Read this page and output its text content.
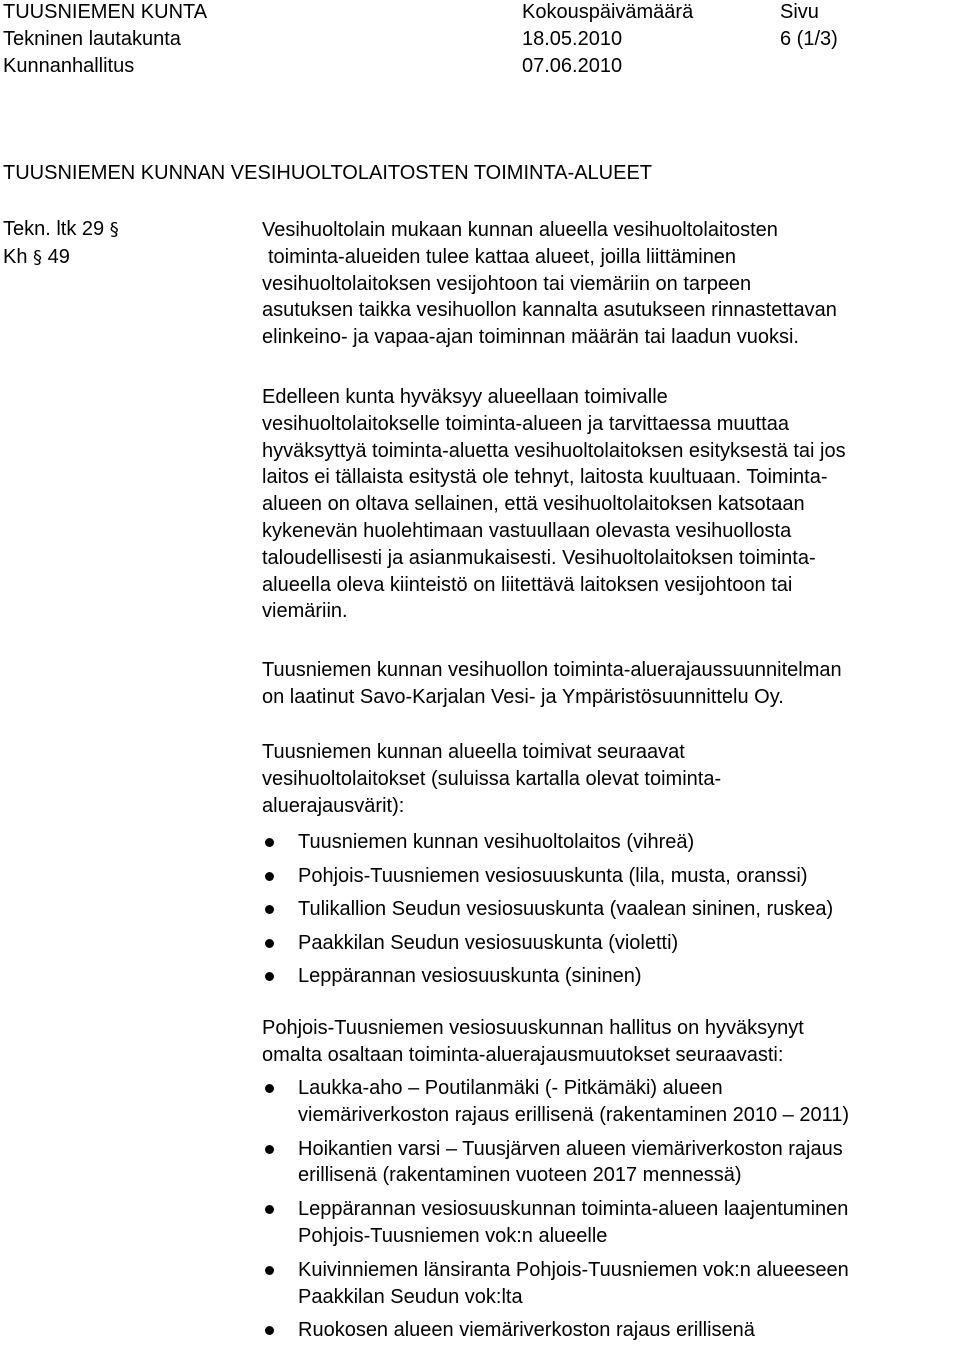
TUUSNIEMEN KUNTA	Kokouspäivämäärä	Sivu
Tekninen lautakunta	18.05.2010	6 (1/3)
Kunnanhallitus	07.06.2010
TUUSNIEMEN KUNNAN VESIHUOLTOLAITOSTEN TOIMINTA-ALUEET
Tekn. ltk 29 §
Kh § 49
Vesihuoltolain mukaan kunnan alueella vesihuoltolaitosten
toiminta-alueiden tulee kattaa alueet, joilla liittäminen
vesihuoltolaitoksen vesijohtoon tai viemäriin on tarpeen
asutuksen taikka vesihuollon kannalta asutukseen rinnastettavan
elinkeino- ja vapaa-ajan toiminnan määrän tai laadun vuoksi.
Edelleen kunta hyväksyy alueellaan toimivalle
vesihuoltolaitokselle toiminta-alueen ja tarvittaessa muuttaa
hyväksyttyä toiminta-aluetta vesihuoltolaitoksen esityksestä tai jos
laitos ei tällaista esitystä ole tehnyt, laitosta kuultuaan. Toiminta-
alueen on oltava sellainen, että vesihuoltolaitoksen katsotaan
kykenevän huolehtimaan vastuullaan olevasta vesihuollosta
taloudellisesti ja asianmukaisesti. Vesihuoltolaitoksen toiminta-
alueella oleva kiinteistö on liitettävä laitoksen vesijohtoon tai
viemäriin.
Tuusniemen kunnan vesihuollon toiminta-aluerajaussuunnitelman
on laatinut Savo-Karjalan Vesi- ja Ympäristösuunnittelu Oy.
Tuusniemen kunnan alueella toimivat seuraavat
vesihuoltolaitokset (suluissa kartalla olevat toiminta-
aluerajausvärit):
Tuusniemen kunnan vesihuoltolaitos (vihreä)
Pohjois-Tuusniemen vesiosuuskunta (lila, musta, oranssi)
Tulikallion Seudun vesiosuuskunta (vaalean sininen, ruskea)
Paakkilan Seudun vesiosuuskunta (violetti)
Leppärannan vesiosuuskunta (sininen)
Pohjois-Tuusniemen vesiosuuskunnan hallitus on hyväksynyt
omalta osaltaan toiminta-aluerajausmuutokset seuraavasti:
Laukka-aho – Poutilanmäki (- Pitkämäki) alueen
viemäriverkoston rajaus erillisenä (rakentaminen 2010 – 2011)
Hoikantien varsi – Tuusjärven alueen viemäriverkoston rajaus
erillisenä (rakentaminen vuoteen 2017 mennessä)
Leppärannan vesiosuuskunnan toiminta-alueen laajentuminen
Pohjois-Tuusniemen vok:n alueelle
Kuivinniemen länsiranta Pohjois-Tuusniemen vok:n alueeseen
Paakkilan Seudun vok:lta
Ruokosen alueen viemäriverkoston rajaus erillisenä
